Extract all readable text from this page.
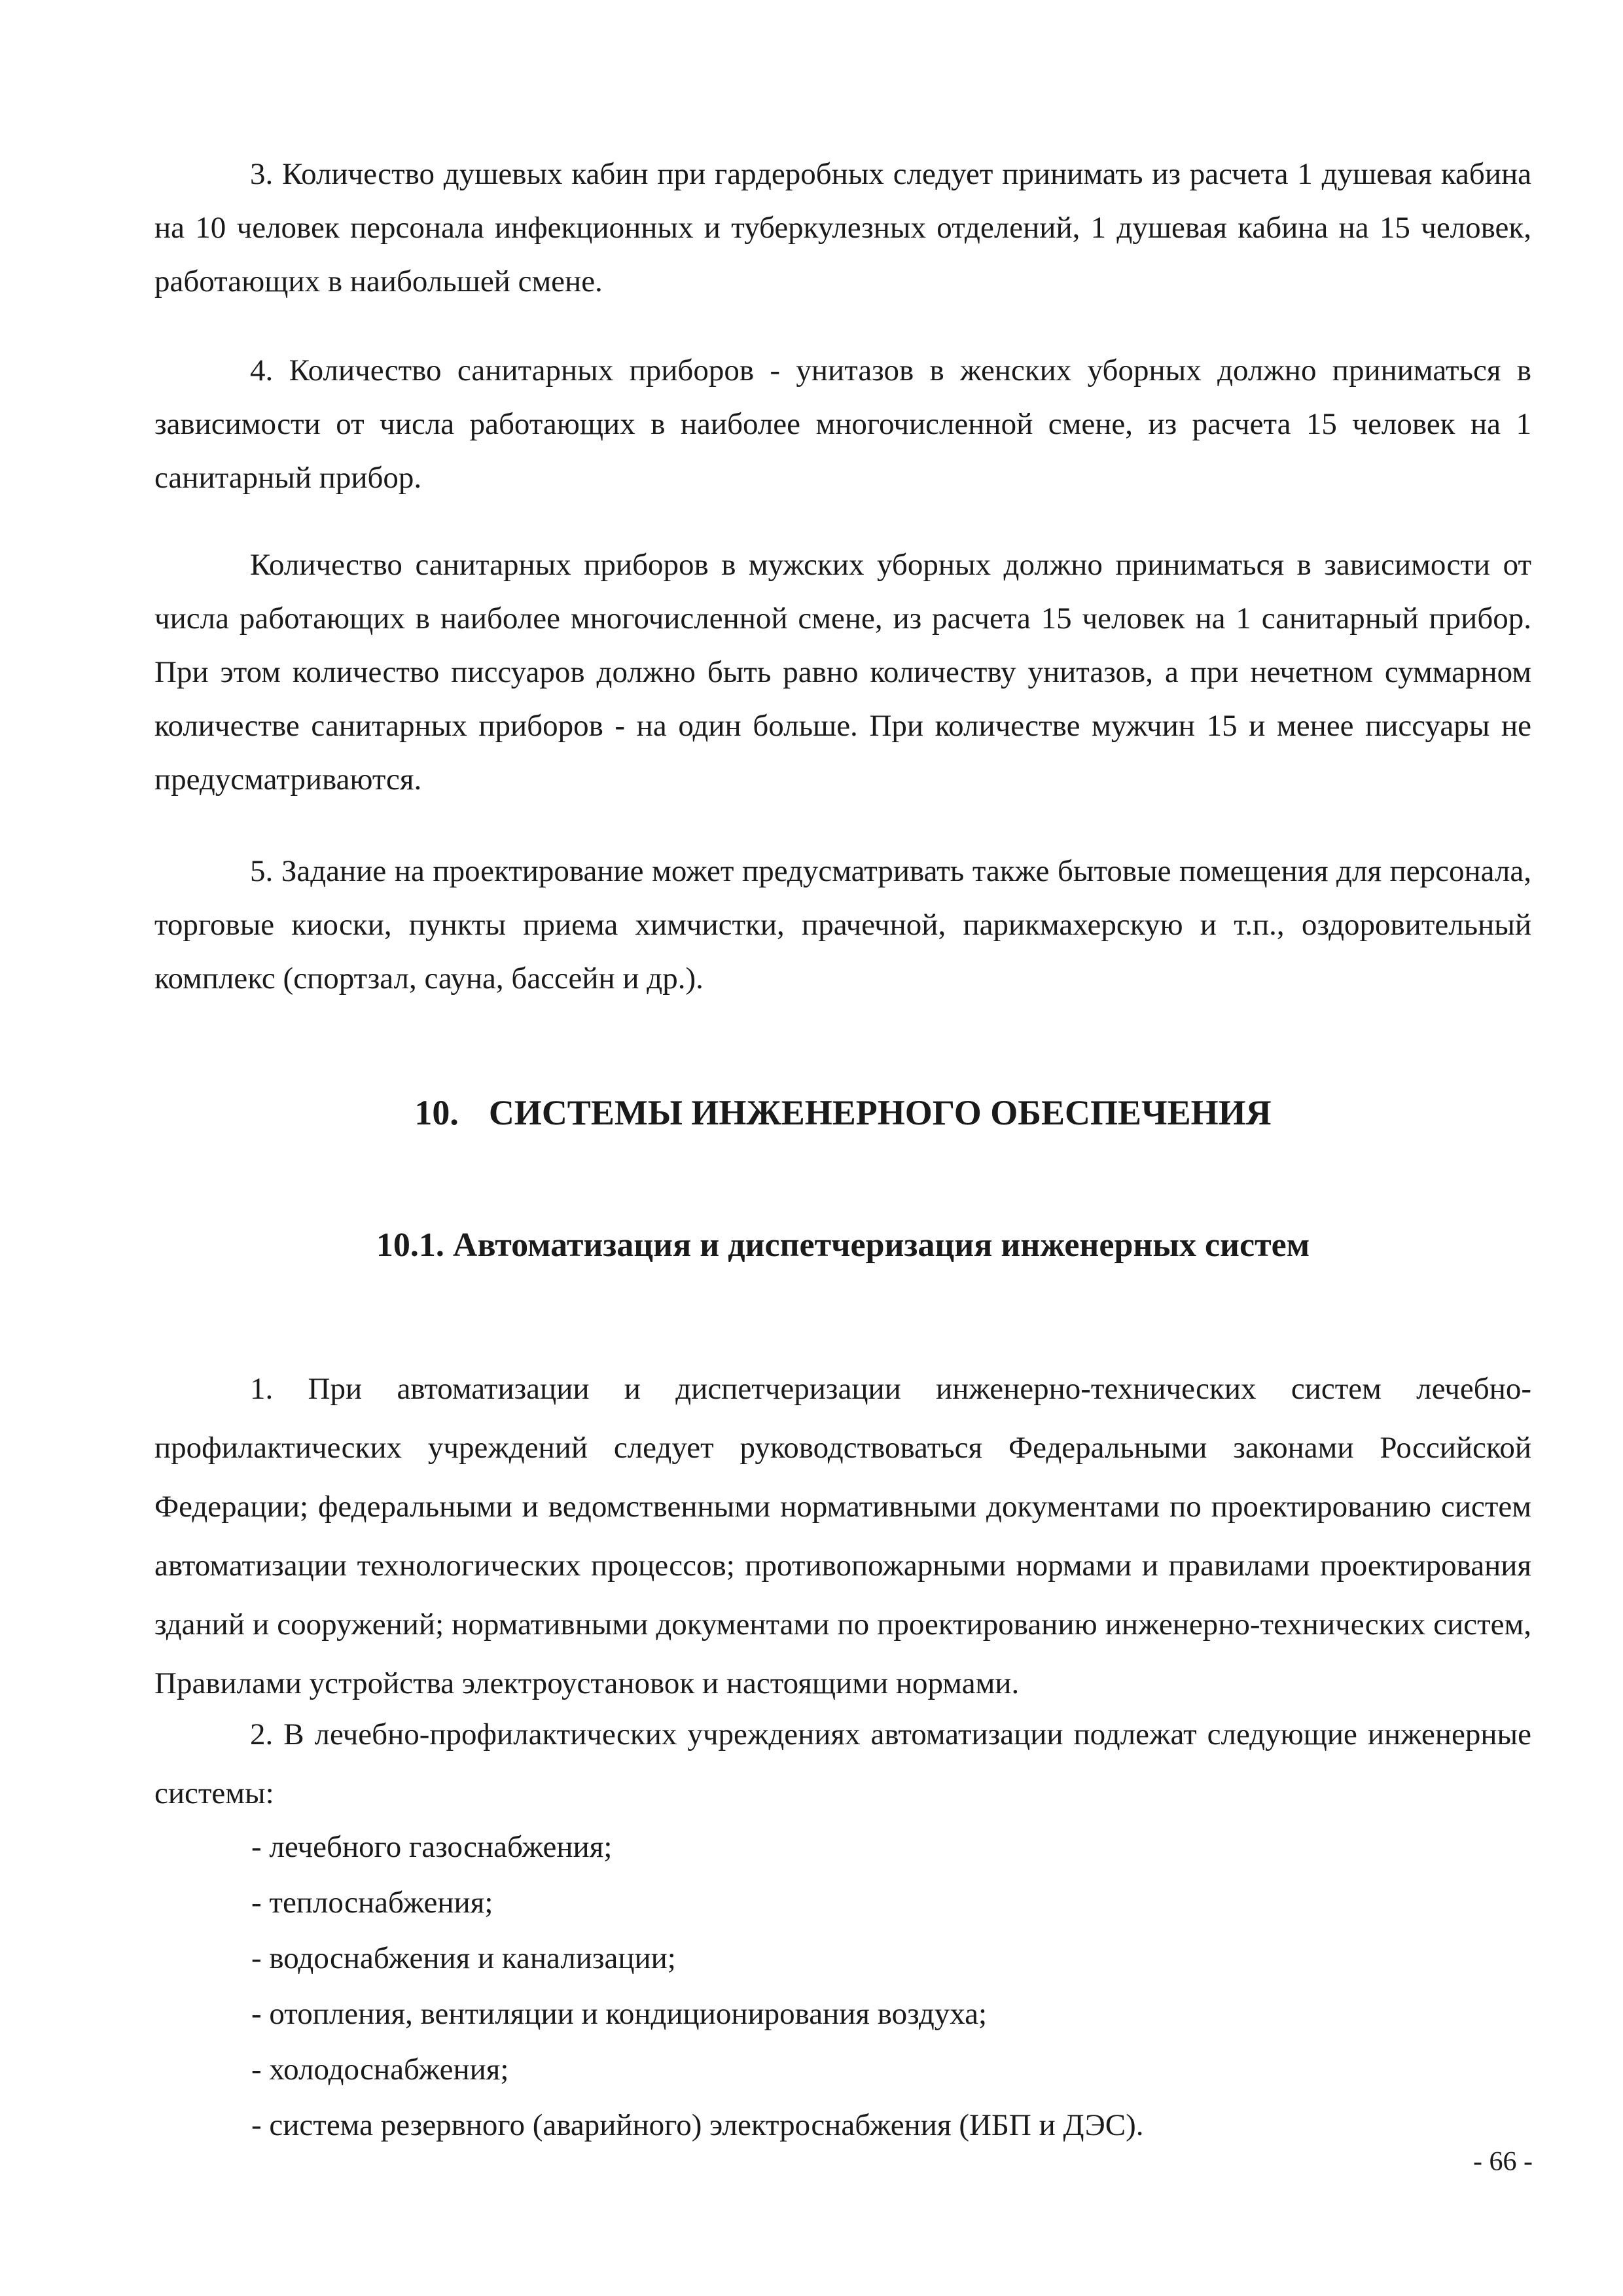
3. Количество душевых кабин при гардеробных следует принимать из расчета 1 душевая кабина на 10 человек персонала инфекционных и туберкулезных отделений, 1 душевая кабина на 15 человек, работающих в наибольшей смене.

4. Количество санитарных приборов - унитазов в женских уборных должно приниматься в зависимости от числа работающих в наиболее многочисленной смене, из расчета 15 человек на 1 санитарный прибор.

Количество санитарных приборов в мужских уборных должно приниматься в зависимости от числа работающих в наиболее многочисленной смене, из расчета 15 человек на 1 санитарный прибор. При этом количество писсуаров должно быть равно количеству унитазов, а при нечетном суммарном количестве санитарных приборов - на один больше. При количестве мужчин 15 и менее писсуары не предусматриваются.

5. Задание на проектирование может предусматривать также бытовые помещения для персонала, торговые киоски, пункты приема химчистки, прачечной, парикмахерскую и т.п., оздоровительный комплекс (спортзал, сауна, бассейн и др.).

10. СИСТЕМЫ ИНЖЕНЕРНОГО ОБЕСПЕЧЕНИЯ
10.1. Автоматизация и диспетчеризация инженерных систем

1. При автоматизации и диспетчеризации инженерно-технических систем лечебно-профилактических учреждений следует руководствоваться Федеральными законами Российской Федерации; федеральными и ведомственными нормативными документами по проектированию систем автоматизации технологических процессов; противопожарными нормами и правилами проектирования зданий и сооружений; нормативными документами по проектированию инженерно-технических систем, Правилами устройства электроустановок и настоящими нормами.

2. В лечебно-профилактических учреждениях автоматизации подлежат следующие инженерные системы:

- лечебного газоснабжения;
- теплоснабжения;
- водоснабжения и канализации;
- отопления, вентиляции и кондиционирования воздуха;
- холодоснабжения;
- система резервного (аварийного) электроснабжения (ИБП и ДЭС).
- 66 -
